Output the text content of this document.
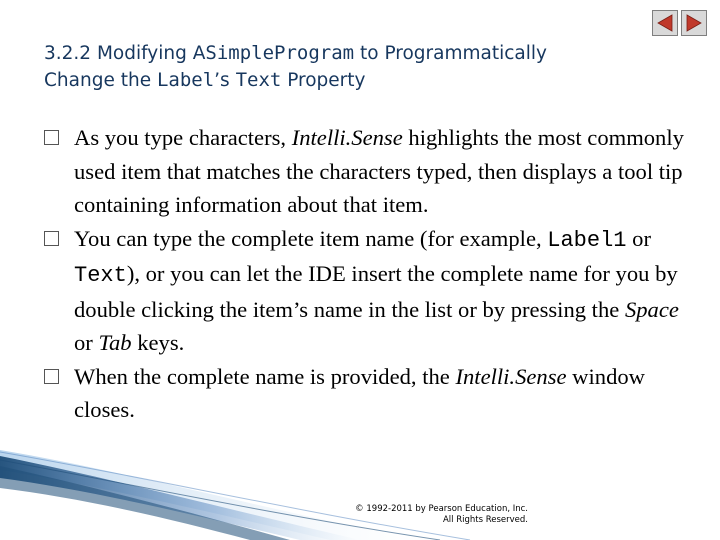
3.2.2 Modifying ASimpleProgram to Programmatically
Change the Label’s Text Property
As you type characters, Intelli.Sense highlights the most commonly used item that matches the characters typed, then displays a tool tip containing information about that item.
You can type the complete item name (for example, Label1 or Text), or you can let the IDE insert the complete name for you by double clicking the item’s name in the list or by pressing the Space or Tab keys.
When the complete name is provided, the Intelli.Sense window closes.
© 1992-2011 by Pearson Education, Inc.
All Rights Reserved.
